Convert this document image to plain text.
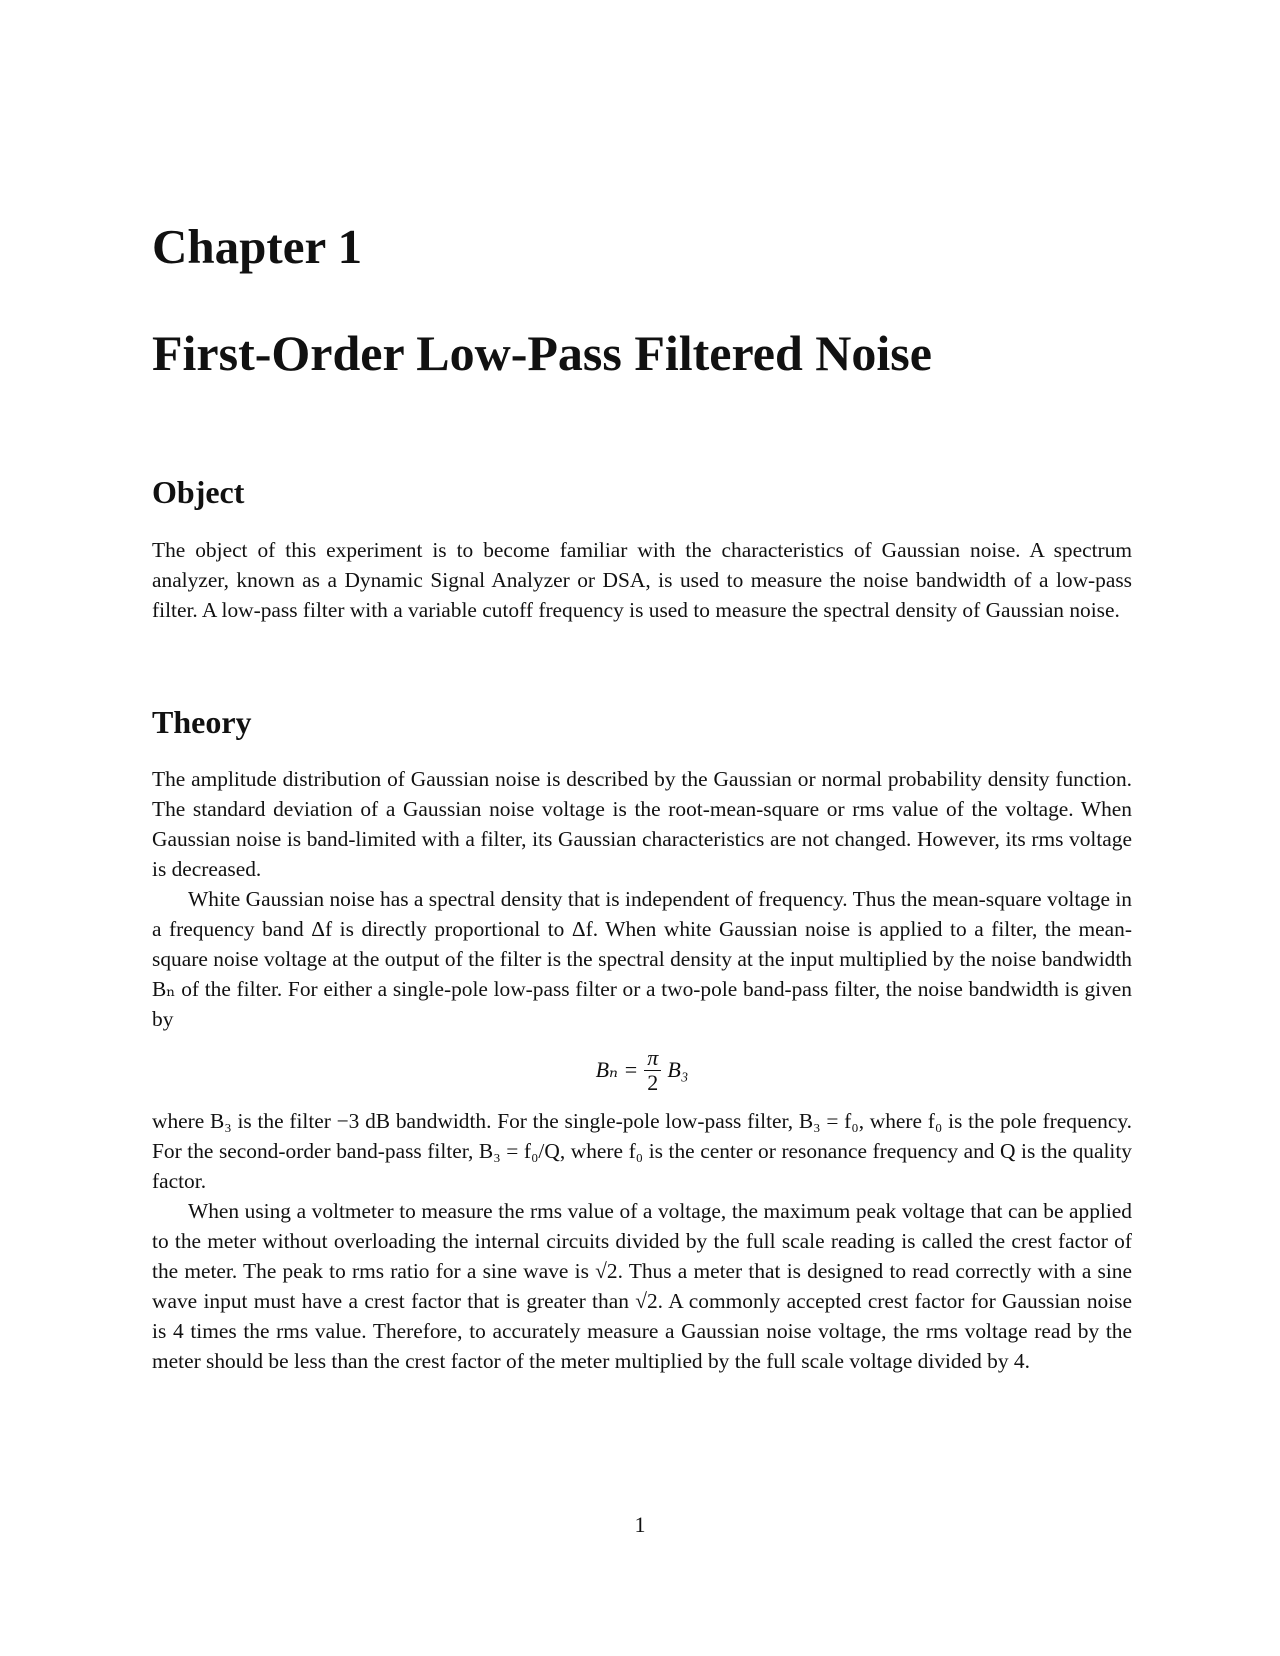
Chapter 1
First-Order Low-Pass Filtered Noise
Object

The object of this experiment is to become familiar with the characteristics of Gaussian noise. A spectrum analyzer, known as a Dynamic Signal Analyzer or DSA, is used to measure the noise bandwidth of a low-pass filter. A low-pass filter with a variable cutoff frequency is used to measure the spectral density of Gaussian noise.

Theory

The amplitude distribution of Gaussian noise is described by the Gaussian or normal probability density function. The standard deviation of a Gaussian noise voltage is the root-mean-square or rms value of the voltage. When Gaussian noise is band-limited with a filter, its Gaussian characteristics are not changed. However, its rms voltage is decreased.

White Gaussian noise has a spectral density that is independent of frequency. Thus the mean-square voltage in a frequency band Δf is directly proportional to Δf. When white Gaussian noise is applied to a filter, the mean-square noise voltage at the output of the filter is the spectral density at the input multiplied by the noise bandwidth Bₙ of the filter. For either a single-pole low-pass filter or a two-pole band-pass filter, the noise bandwidth is given by

$B_n = \frac{\pi}{2} B_3$

where B₃ is the filter −3 dB bandwidth. For the single-pole low-pass filter, B₃ = f₀, where f₀ is the pole frequency. For the second-order band-pass filter, B₃ = f₀/Q, where f₀ is the center or resonance frequency and Q is the quality factor.

When using a voltmeter to measure the rms value of a voltage, the maximum peak voltage that can be applied to the meter without overloading the internal circuits divided by the full scale reading is called the crest factor of the meter. The peak to rms ratio for a sine wave is √2. Thus a meter that is designed to read correctly with a sine wave input must have a crest factor that is greater than √2. A commonly accepted crest factor for Gaussian noise is 4 times the rms value. Therefore, to accurately measure a Gaussian noise voltage, the rms voltage read by the meter should be less than the crest factor of the meter multiplied by the full scale voltage divided by 4.

1
